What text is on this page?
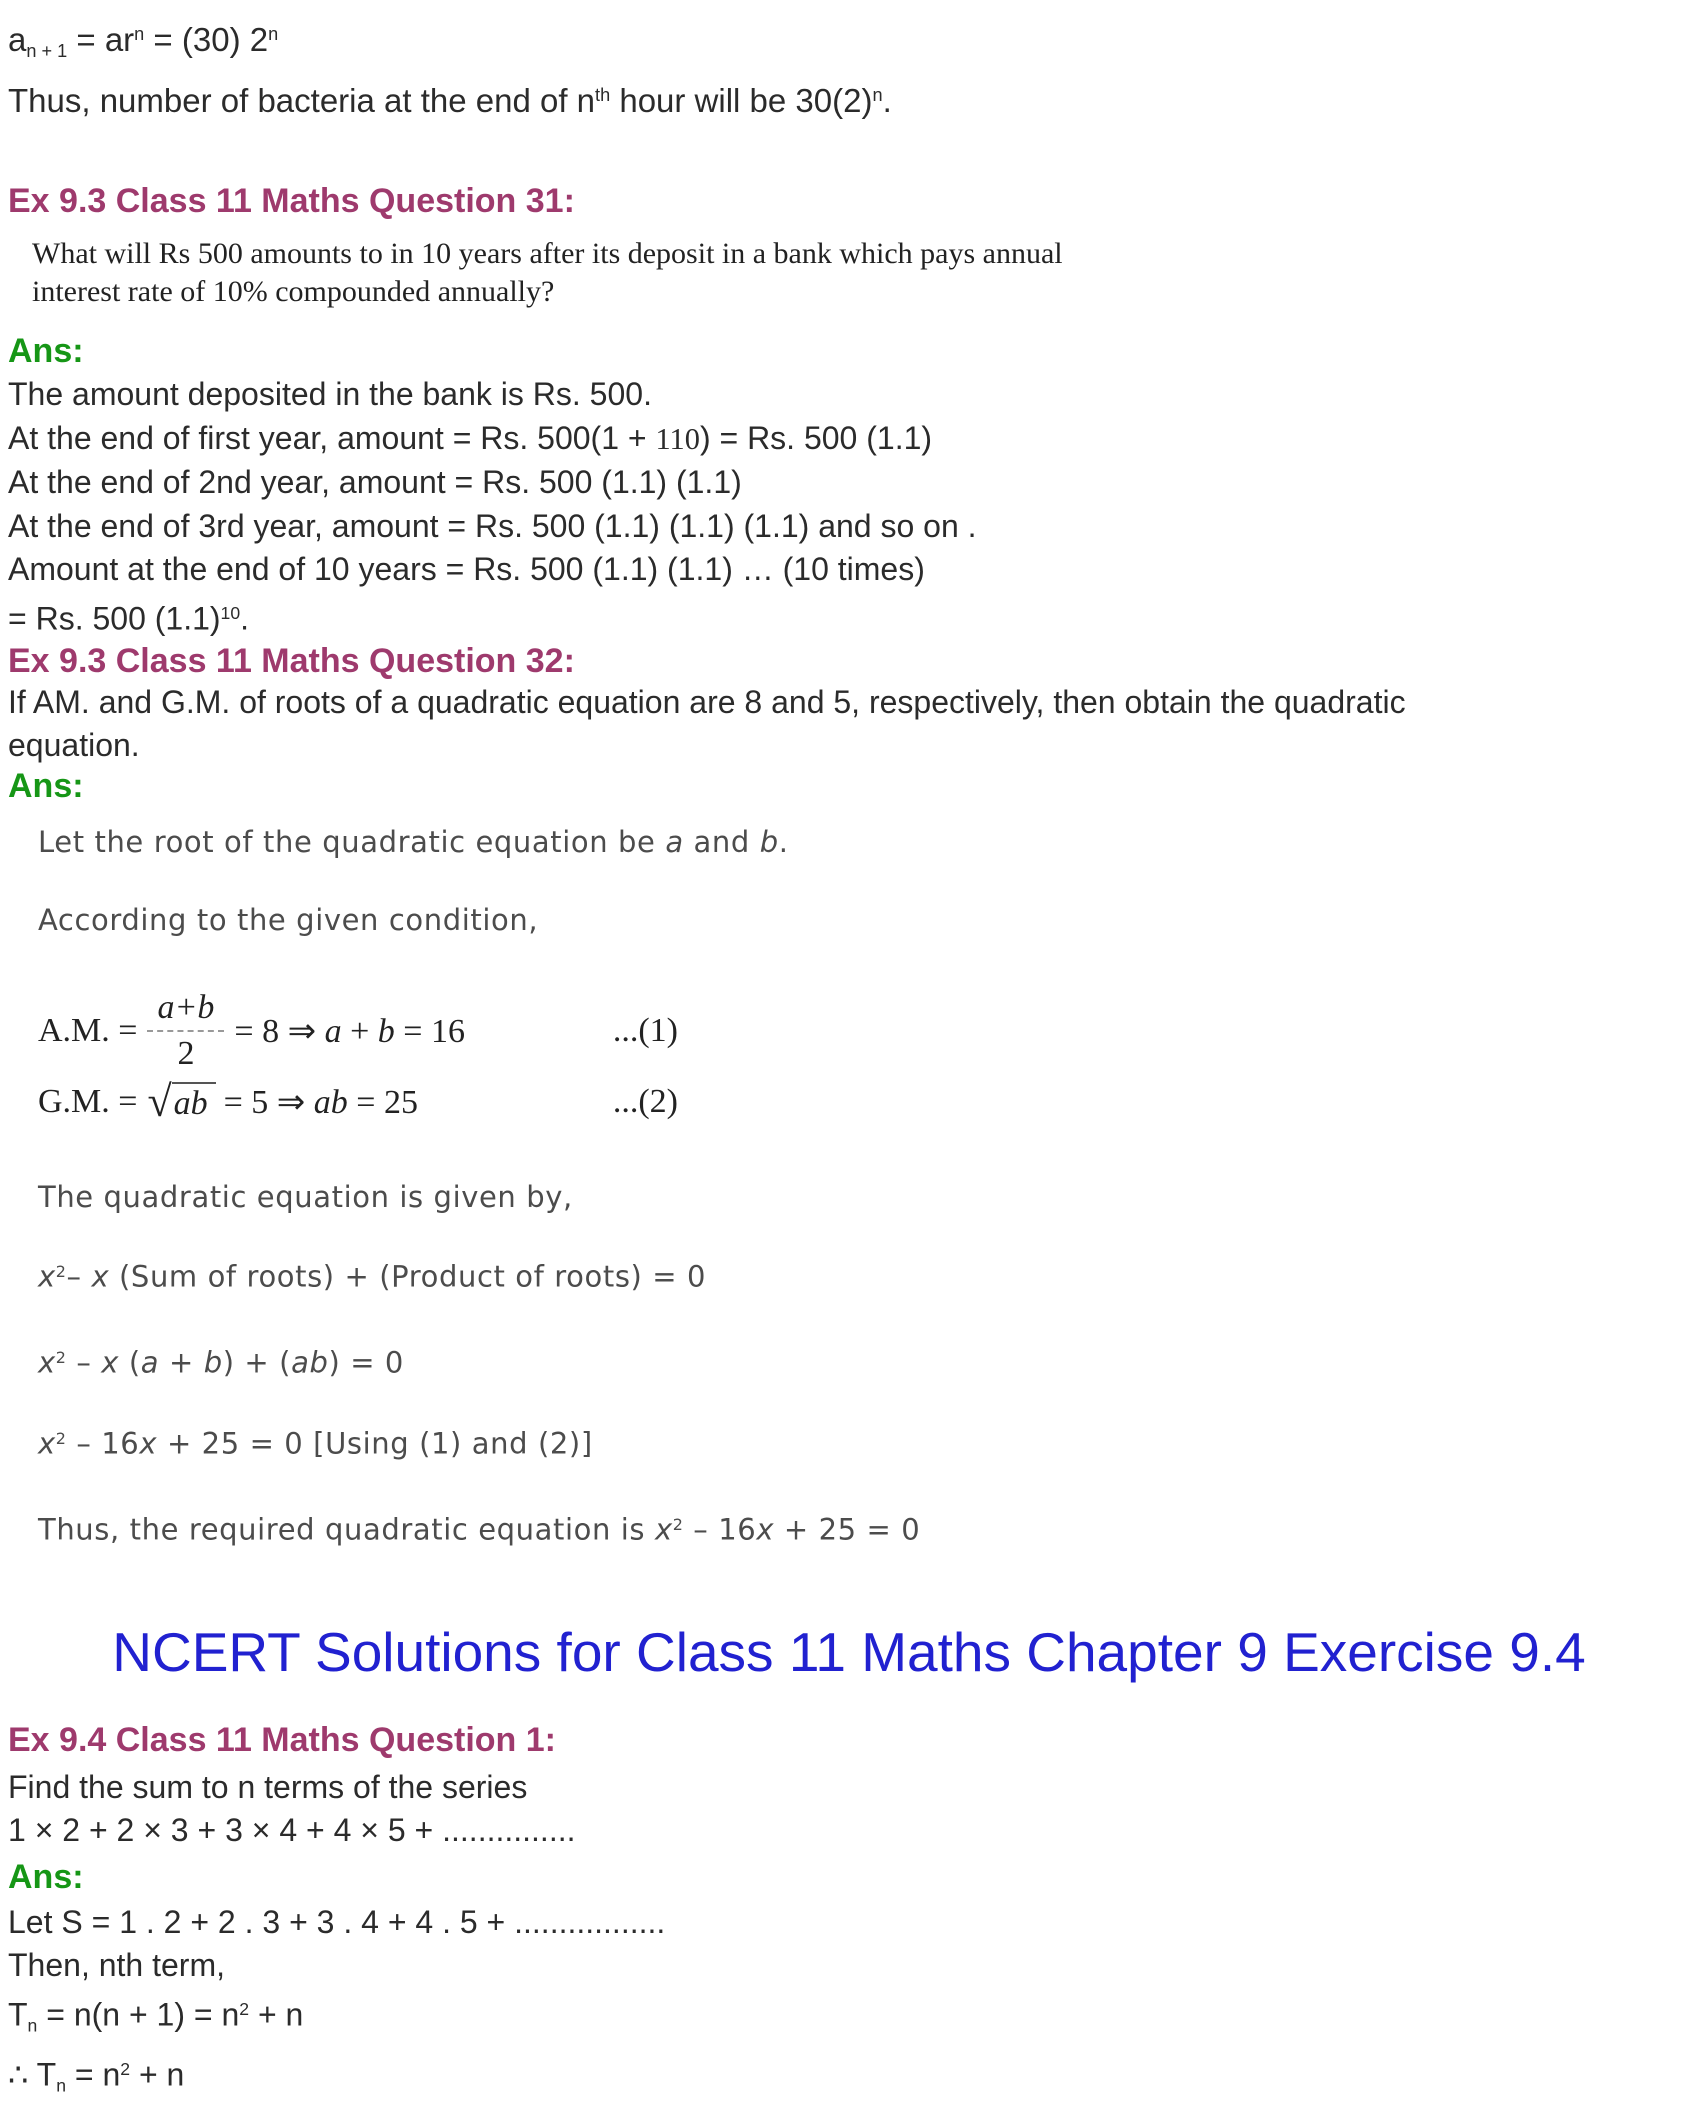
an + $1 = ar^n = (30)$ 2$^n$
Thus, number of bacteria at the end of $n^{th}$ hour will be $30(2)^n$.
Ex 9.3 Class 11 Maths Question 31:
What will Rs 500 amounts to in 10 years after its deposit in a bank which pays annual
interest rate of 10% compounded annually?
Ans:
The amount deposited in the bank is Rs. 500.
At the end of first year, amount = Rs. 500(1 + 110) = Rs. 500 (1.1)
At the end of 2nd year, amount = Rs. 500 (1.1) (1.1)
At the end of 3rd year, amount = Rs. 500 (1.1) (1.1) (1.1) and so on .
Amount at the end of 10 years = Rs. 500 (1.1) (1.1) … (10 times)
= Rs. 500 $(1.1)^{10}$.
Ex 9.3 Class 11 Maths Question 32:
If AM. and G.M. of roots of a quadratic equation are 8 and 5, respectively, then obtain the quadratic
equation.
Ans:
Let the root of the quadratic equation be a and b.
According to the given condition,
A.M. = $\frac{a+b}{2} = 8$ ⇒ a + b = 16	...(1)
G.M. = √ ab = 5 ⇒ ab = 25	...(2)
The quadratic equation is given by,
$x^2-$ x (Sum of roots) + (Product of roots) = 0
$x^2$ – x (a + b) + (ab) = 0
$x^2 - 16x + 25 = 0$ [Using (1) and (2)]
Thus, the required quadratic equation is $x^2 - 16x + 25 = 0$
NCERT Solutions for Class 11 Maths Chapter 9 Exercise 9.4
Ex 9.4 Class 11 Maths Question 1:
Find the sum to n terms of the series
1 × 2 + 2 × 3 + 3 × 4 + 4 × 5 + ...............
Ans:
Let S = 1 . 2 + 2 . 3 + 3 . 4 + 4 . 5 + .................
Then, nth term,
$Tn = n(n + 1) = n^2 + n$
∴ $Tn = n^2 + n$
